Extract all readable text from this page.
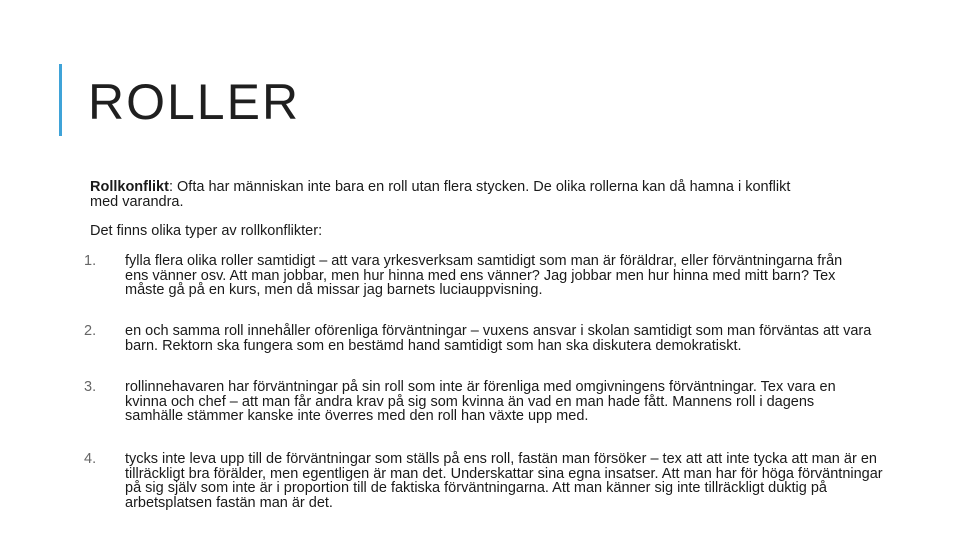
ROLLER
Rollkonflikt: Ofta har människan inte bara en roll utan flera stycken. De olika rollerna kan då hamna i konflikt med varandra.
Det finns olika typer av rollkonflikter:
1. fylla flera olika roller samtidigt – att vara yrkesverksam samtidigt som man är föräldrar, eller förväntningarna från ens vänner osv. Att man jobbar, men hur hinna med ens vänner? Jag jobbar men hur hinna med mitt barn? Tex måste gå på en kurs, men då missar jag barnets luciauppvisning.
2. en och samma roll innehåller oförenliga förväntningar – vuxens ansvar i skolan samtidigt som man förväntas att vara barn. Rektorn ska fungera som en bestämd hand samtidigt som han ska diskutera demokratiskt.
3. rollinnehavaren har förväntningar på sin roll som inte är förenliga med omgivningens förväntningar. Tex vara en kvinna och chef – att man får andra krav på sig som kvinna än vad en man hade fått. Mannens roll i dagens samhälle stämmer kanske inte överres med den roll han växte upp med.
4. tycks inte leva upp till de förväntningar som ställs på ens roll, fastän man försöker – tex att att inte tycka att man är en tillräckligt bra förälder, men egentligen är man det. Underskattar sina egna insatser. Att man har för höga förväntningar på sig själv som inte är i proportion till de faktiska förväntningarna. Att man känner sig inte tillräckligt duktig på arbetsplatsen fastän man är det.
